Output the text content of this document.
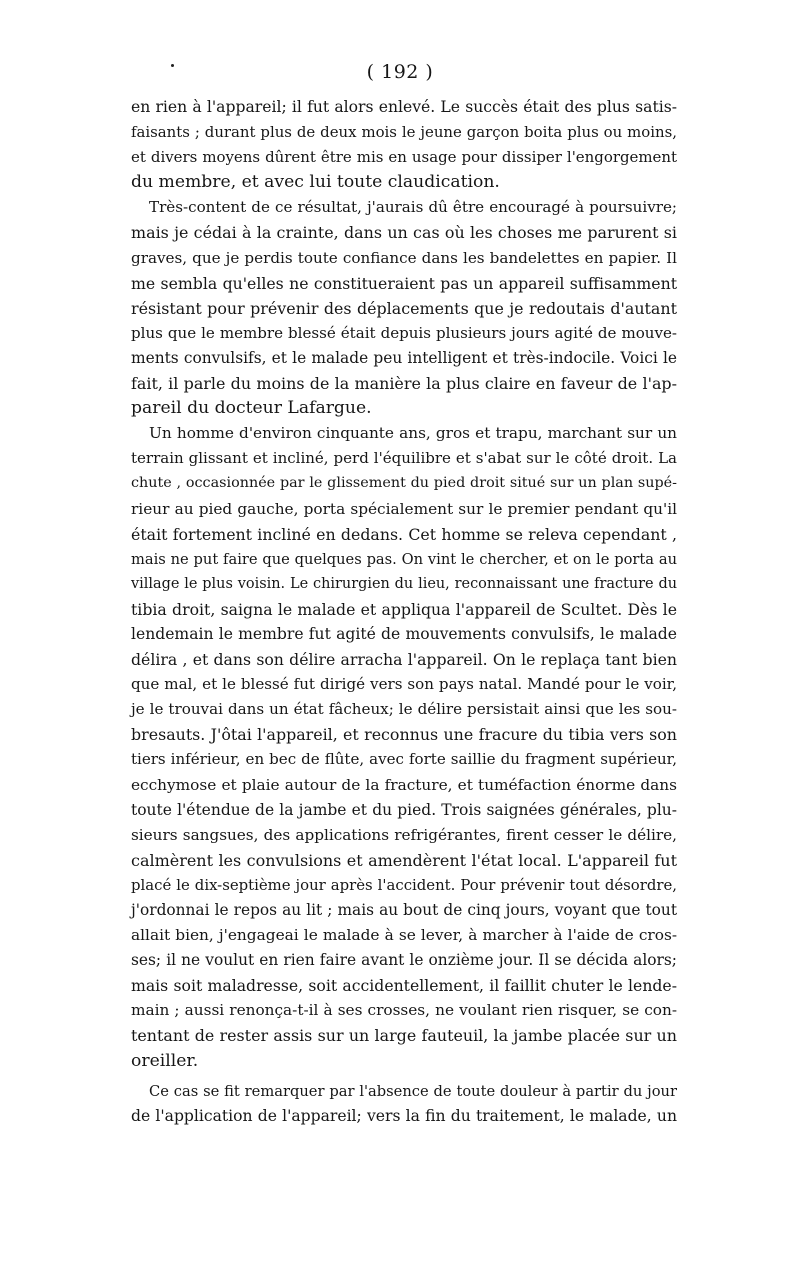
( 192 )
en rien à l'appareil; il fut alors enlevé. Le succès était des plus satis-
faisants ; durant plus de deux mois le jeune garçon boita plus ou moins,
et divers moyens dûrent être mis en usage pour dissiper l'engorgement
du membre, et avec lui toute claudication.
Très-content de ce résultat, j'aurais dû être encouragé à poursuivre;
mais je cédai à la crainte, dans un cas où les choses me parurent si
graves, que je perdis toute confiance dans les bandelettes en papier. Il
me sembla qu'elles ne constitueraient pas un appareil suffisamment
résistant pour prévenir des déplacements que je redoutais d'autant
plus que le membre blessé était depuis plusieurs jours agité de mouve-
ments convulsifs, et le malade peu intelligent et très-indocile. Voici le
fait, il parle du moins de la manière la plus claire en faveur de l'ap-
pareil du docteur Lafargue.
Un homme d'environ cinquante ans, gros et trapu, marchant sur un
terrain glissant et incliné, perd l'équilibre et s'abat sur le côté droit. La
chute , occasionnée par le glissement du pied droit situé sur un plan supé-
rieur au pied gauche, porta spécialement sur le premier pendant qu'il
était fortement incliné en dedans. Cet homme se releva cependant ,
mais ne put faire que quelques pas. On vint le chercher, et on le porta au
village le plus voisin. Le chirurgien du lieu, reconnaissant une fracture du
tibia droit, saigna le malade et appliqua l'appareil de Scultet. Dès le
lendemain le membre fut agité de mouvements convulsifs, le malade
délira , et dans son délire arracha l'appareil. On le replaça tant bien
que mal, et le blessé fut dirigé vers son pays natal. Mandé pour le voir,
je le trouvai dans un état fâcheux; le délire persistait ainsi que les sou-
bresauts. J'ôtai l'appareil, et reconnus une fracure du tibia vers son
tiers inférieur, en bec de flûte, avec forte saillie du fragment supérieur,
ecchymose et plaie autour de la fracture, et tuméfaction énorme dans
toute l'étendue de la jambe et du pied. Trois saignées générales, plu-
sieurs sangsues, des applications refrigérantes, firent cesser le délire,
calmèrent les convulsions et amendèrent l'état local. L'appareil fut
placé le dix-septième jour après l'accident. Pour prévenir tout désordre,
j'ordonnai le repos au lit ; mais au bout de cinq jours, voyant que tout
allait bien, j'engageai le malade à se lever, à marcher à l'aide de cros-
ses; il ne voulut en rien faire avant le onzième jour. Il se décida alors;
mais soit maladresse, soit accidentellement, il faillit chuter le lende-
main ; aussi renonça-t-il à ses crosses, ne voulant rien risquer, se con-
tentant de rester assis sur un large fauteuil, la jambe placée sur un
oreiller.
Ce cas se fit remarquer par l'absence de toute douleur à partir du jour
de l'application de l'appareil; vers la fin du traitement, le malade, un
